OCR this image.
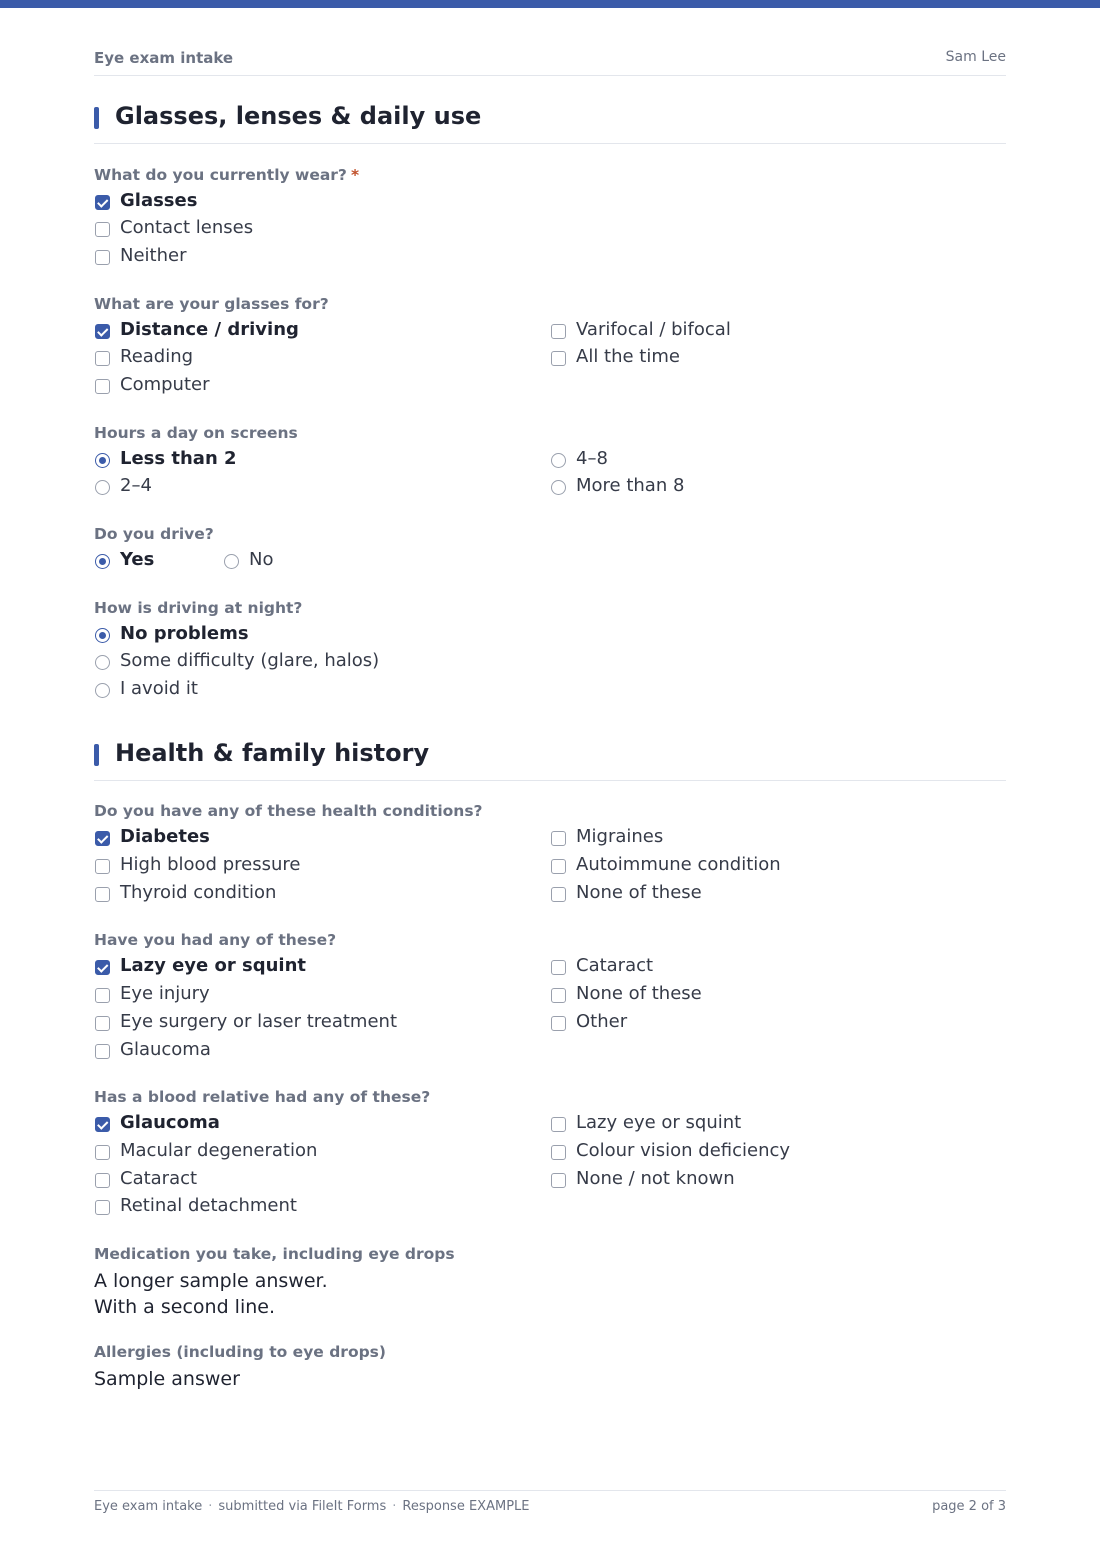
Eye exam intake	Sam Lee
Glasses, lenses & daily use
What do you currently wear? *
Glasses
Contact lenses
Neither
What are your glasses for?
Distance / driving
Reading
Computer
Varifocal / bifocal
All the time
Hours a day on screens
Less than 2
2–4
4–8
More than 8
Do you drive?
Yes	No
How is driving at night?
No problems
Some difficulty (glare, halos)
I avoid it
Health & family history
Do you have any of these health conditions?
Diabetes
High blood pressure
Thyroid condition
Migraines
Autoimmune condition
None of these
Have you had any of these?
Lazy eye or squint
Eye injury
Eye surgery or laser treatment
Glaucoma
Cataract
None of these
Other
Has a blood relative had any of these?
Glaucoma
Macular degeneration
Cataract
Retinal detachment
Lazy eye or squint
Colour vision deficiency
None / not known
Medication you take, including eye drops
A longer sample answer.
With a second line.
Allergies (including to eye drops)
Sample answer
Eye exam intake · submitted via FileIt Forms · Response EXAMPLE	page 2 of 3
